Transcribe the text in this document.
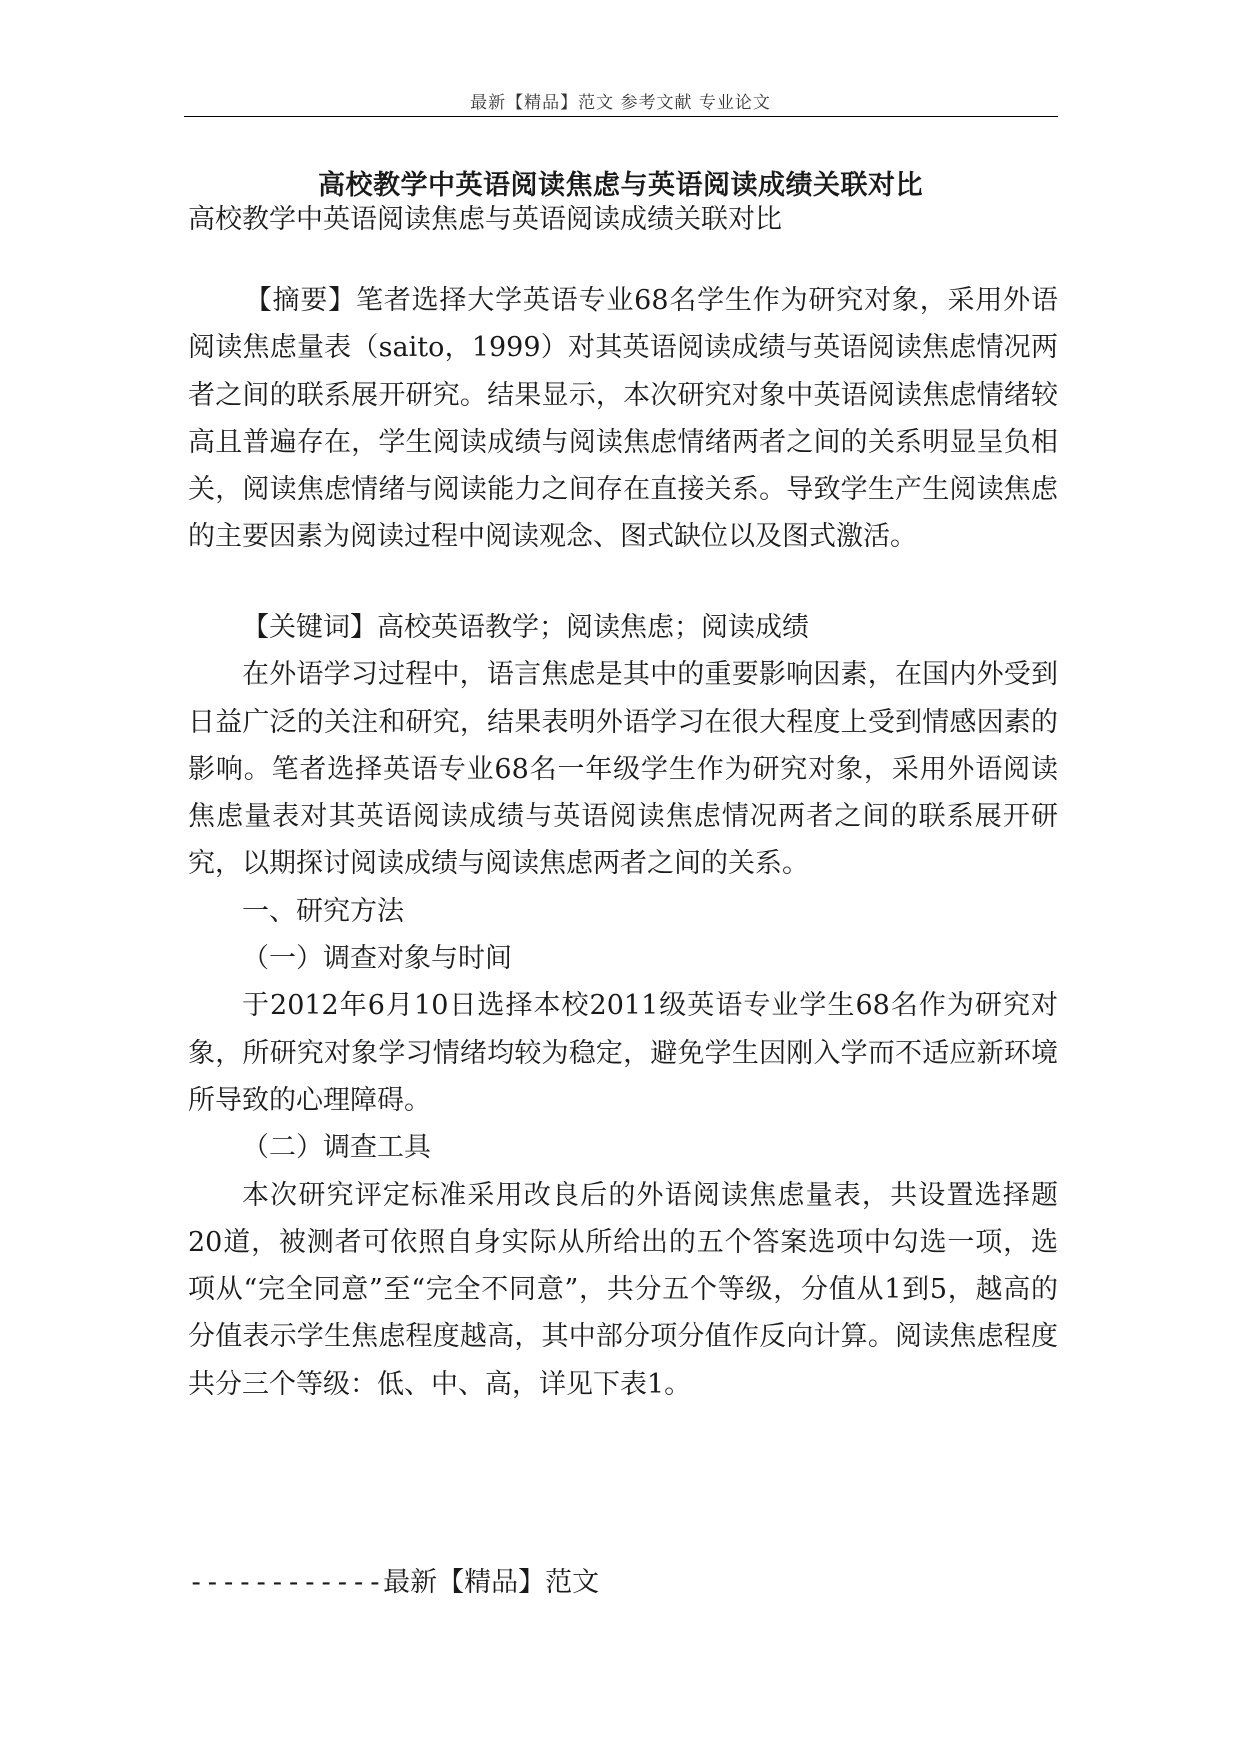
最新【精品】范文 参考文献 专业论文
高校教学中英语阅读焦虑与英语阅读成绩关联对比

高校教学中英语阅读焦虑与英语阅读成绩关联对比

【摘要】笔者选择大学英语专业68名学生作为研究对象，采用外语阅读焦虑量表（saito，1999）对其英语阅读成绩与英语阅读焦虑情况两者之间的联系展开研究。结果显示，本次研究对象中英语阅读焦虑情绪较高且普遍存在，学生阅读成绩与阅读焦虑情绪两者之间的关系明显呈负相关，阅读焦虑情绪与阅读能力之间存在直接关系。导致学生产生阅读焦虑的主要因素为阅读过程中阅读观念、图式缺位以及图式激活。

【关键词】高校英语教学；阅读焦虑；阅读成绩

在外语学习过程中，语言焦虑是其中的重要影响因素，在国内外受到日益广泛的关注和研究，结果表明外语学习在很大程度上受到情感因素的影响。笔者选择英语专业68名一年级学生作为研究对象，采用外语阅读焦虑量表对其英语阅读成绩与英语阅读焦虑情况两者之间的联系展开研究，以期探讨阅读成绩与阅读焦虑两者之间的关系。

一、研究方法

（一）调查对象与时间

于2012年6月10日选择本校2011级英语专业学生68名作为研究对象，所研究对象学习情绪均较为稳定，避免学生因刚入学而不适应新环境所导致的心理障碍。

（二）调查工具

本次研究评定标准采用改良后的外语阅读焦虑量表，共设置选择题20道，被测者可依照自身实际从所给出的五个答案选项中勾选一项，选项从“完全同意”至“完全不同意”，共分五个等级，分值从1到5，越高的分值表示学生焦虑程度越高，其中部分项分值作反向计算。阅读焦虑程度共分三个等级：低、中、高，详见下表1。

------------最新【精品】范文
